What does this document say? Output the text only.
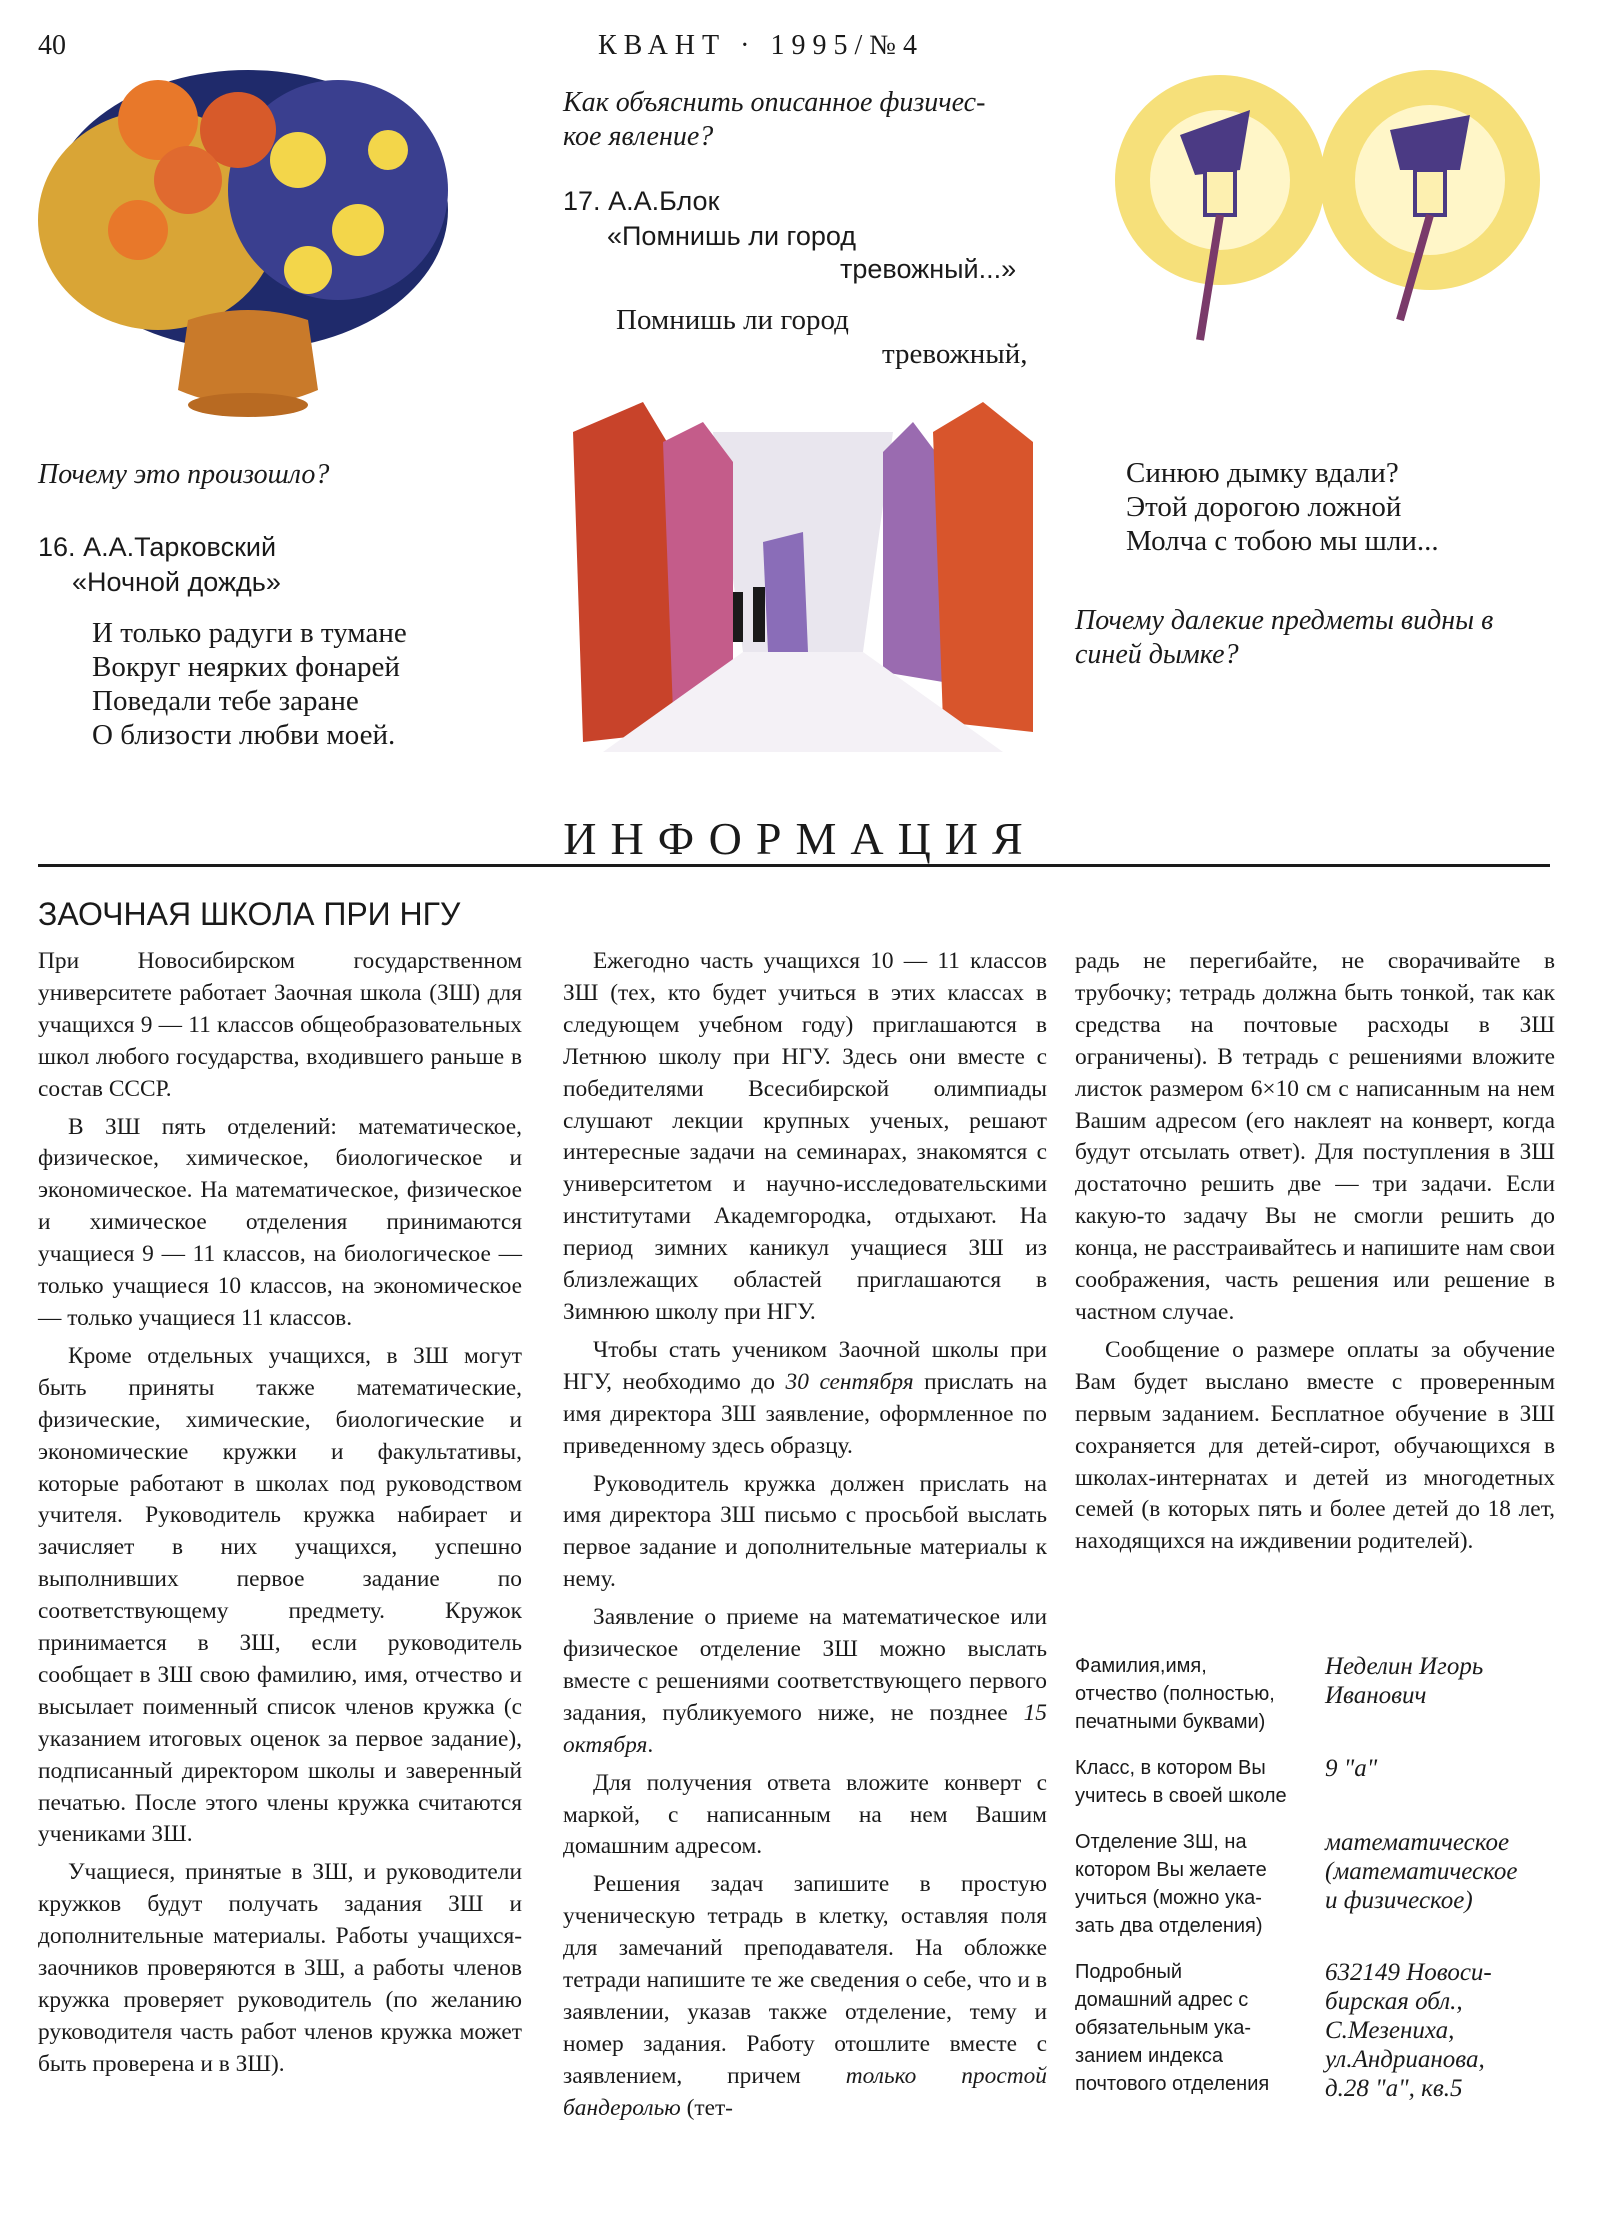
40	КВАНТ · 1995/№4
Почему это произошло?
16. А.А.Тарковский
«Ночной дождь»
И только радуги в тумане
Вокруг неярких фонарей
Поведали тебе заране
О близости любви моей.
Как объяснить описанное физичес-
кое явление?
17. А.А.Блок
«Помнишь ли город
тревожный...»
Помнишь ли город
тревожный,
Синюю дымку вдали?
Этой дорогою ложной
Молча с тобою мы шли...
Почему далекие предметы видны в
синей дымке?
ИНФОРМАЦИЯ
ЗАОЧНАЯ ШКОЛА ПРИ НГУ

При Новосибирском государственном университете работает Заочная школа (ЗШ) для учащихся 9 — 11 классов общеобразовательных школ любого государства, входившего раньше в состав СССР.

В ЗШ пять отделений: математическое, физическое, химическое, биологическое и экономическое. На математическое, физическое и химическое отделения принимаются учащиеся 9 — 11 классов, на биологическое — только учащиеся 10 классов, на экономическое — только учащиеся 11 классов.

Кроме отдельных учащихся, в ЗШ могут быть приняты также математические, физические, химические, биологические и экономические кружки и факультативы, которые работают в школах под руководством учителя. Руководитель кружка набирает и зачисляет в них учащихся, успешно выполнивших первое задание по соответствующему предмету. Кружок принимается в ЗШ, если руководитель сообщает в ЗШ свою фамилию, имя, отчество и высылает поименный список членов кружка (с указанием итоговых оценок за первое задание), подписанный директором школы и заверенный печатью. После этого члены кружка считаются учениками ЗШ.

Учащиеся, принятые в ЗШ, и руководители кружков будут получать задания ЗШ и дополнительные материалы. Работы учащихся-заочников проверяются в ЗШ, а работы членов кружка проверяет руководитель (по желанию руководителя часть работ членов кружка может быть проверена и в ЗШ).

Ежегодно часть учащихся 10 — 11 классов ЗШ (тех, кто будет учиться в этих классах в следующем учебном году) приглашаются в Летнюю школу при НГУ. Здесь они вместе с победителями Всесибирской олимпиады слушают лекции крупных ученых, решают интересные задачи на семинарах, знакомятся с университетом и научно-исследовательскими институтами Академгородка, отдыхают. На период зимних каникул учащиеся ЗШ из близлежащих областей приглашаются в Зимнюю школу при НГУ.

Чтобы стать учеником Заочной школы при НГУ, необходимо до 30 сентября прислать на имя директора ЗШ заявление, оформленное по приведенному здесь образцу.

Руководитель кружка должен прислать на имя директора ЗШ письмо с просьбой выслать первое задание и дополнительные материалы к нему.

Заявление о приеме на математическое или физическое отделение ЗШ можно выслать вместе с решениями соответствующего первого задания, публикуемого ниже, не позднее 15 октября.

Для получения ответа вложите конверт с маркой, с написанным на нем Вашим домашним адресом.

Решения задач запишите в простую ученическую тетрадь в клетку, оставляя поля для замечаний преподавателя. На обложке тетради напишите те же сведения о себе, что и в заявлении, указав также отделение, тему и номер задания. Работу отошлите вместе с заявлением, причем только простой бандеролью (тет-

радь не перегибайте, не сворачивайте в трубочку; тетрадь должна быть тонкой, так как средства на почтовые расходы в ЗШ ограничены). В тетрадь с решениями вложите листок размером 6×10 см с написанным на нем Вашим адресом (его наклеят на конверт, когда будут отсылать ответ). Для поступления в ЗШ достаточно решить две — три задачи. Если какую-то задачу Вы не смогли решить до конца, не расстраивайтесь и напишите нам свои соображения, часть решения или решение в частном случае.

Сообщение о размере оплаты за обучение Вам будет выслано вместе с проверенным первым заданием. Бесплатное обучение в ЗШ сохраняется для детей-сирот, обучающихся в школах-интернатах и детей из многодетных семей (в которых пять и более детей до 18 лет, находящихся на иждивении родителей).

Фамилия,имя,
отчество (полностью,
печатными буквами)
Неделин Игорь
Иванович
Класс, в котором Вы
учитесь в своей школе
9 "а"
Отделение ЗШ, на
котором Вы желаете
учиться (можно ука-
зать два отделения)
математическое
(математическое
и физическое)
Подробный
домашний адрес с
обязательным ука-
занием индекса
почтового отделения
632149 Новоси-
бирская обл.,
С.Мезениха,
ул.Андрианова,
д.28 "а", кв.5
